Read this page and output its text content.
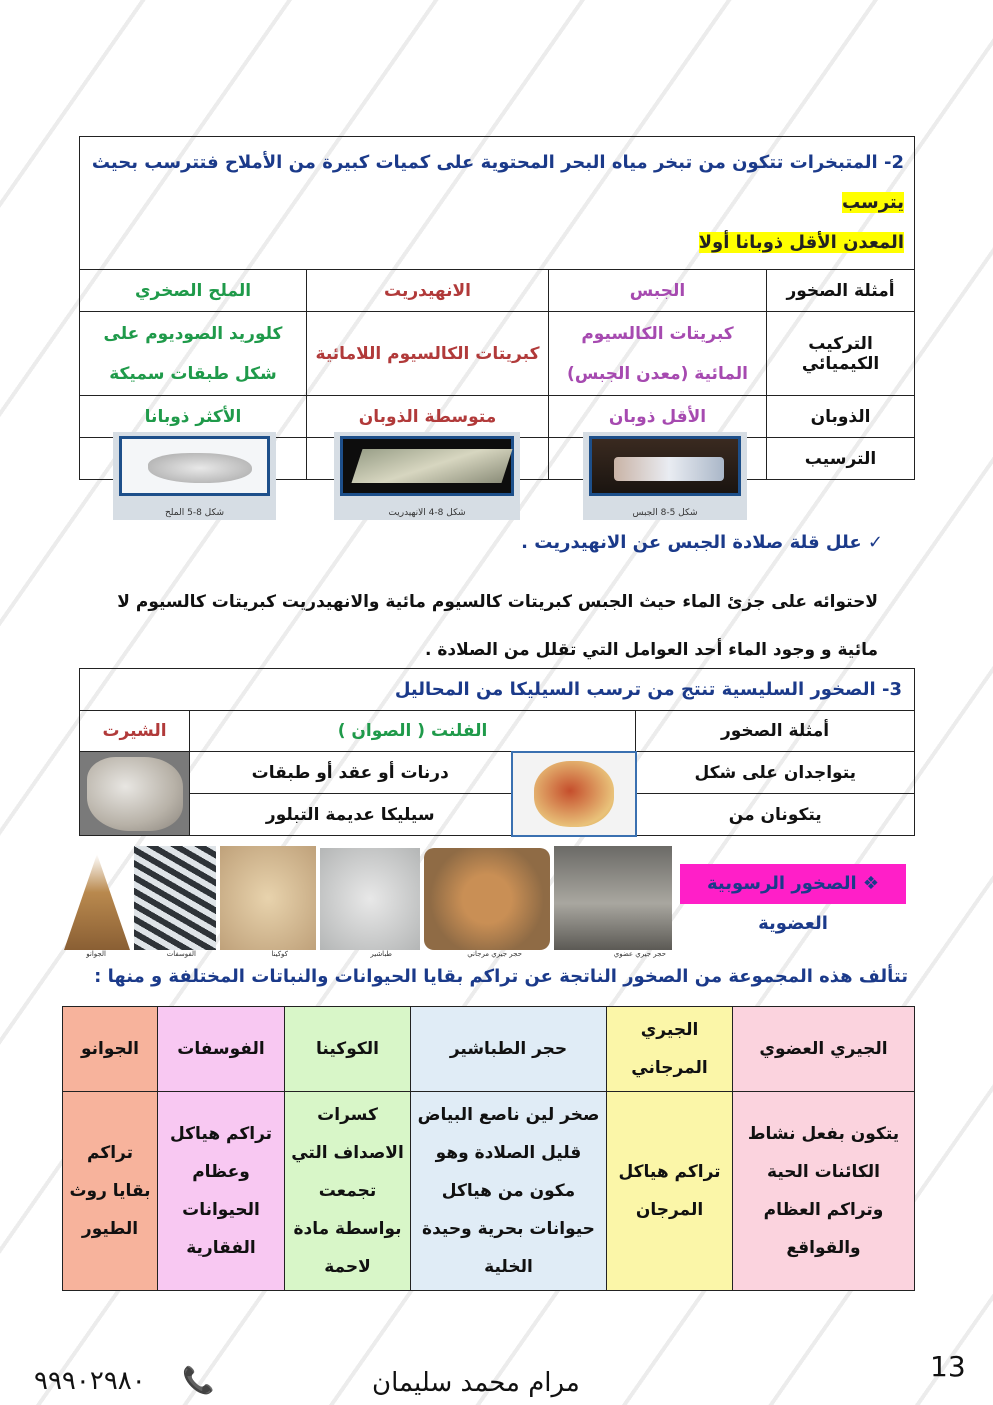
2- المتبخرات تتكون من تبخر مياه البحر المحتوية على كميات كبيرة من الأملاح فتترسب بحيث يترسب
المعدن الأقل ذوبانا أولا			
أمثلة الصخور	الجبس	الانهيدريت	الملح الصخري
التركيب الكيميائي	كبريتات الكالسيوم المائية (معدن الجبس)	كبريتات الكالسيوم اللامائية	كلوريد الصوديوم على شكل طبقات سميكة
الذوبان	الأقل ذوبان	متوسطة الذوبان	الأكثر ذوبانا
الترسيب			
شكل 5-8 الجبس
شكل 8-4 الانهيدريت
شكل 8-5 الملح
✓ علل قلة صلادة الجبس عن الانهيدريت .
لاحتوائه على جزئ الماء حيث الجبس كبريتات كالسيوم مائية والانهيدريت كبريتات كالسيوم لا مائية و وجود الماء أحد العوامل التي تقلل من الصلادة .
3- الصخور السليسية تنتج من ترسب السيليكا من المحاليل			
أمثلة الصخور	الفلنت ( الصوان )		الشيرت
يتواجدان على شكل		درنات أو عقد أو طبقات	

يتكونان من		سيليكا عديمة التبلور	
حجر جيري عضوي
حجر جيري مرجاني
طباشير
كوكينا
الفوسفات
الجوانو
❖ الصخور الرسوبية العضوية
تتألف هذه المجموعة من الصخور الناتجة عن تراكم بقايا الحيوانات والنباتات المختلفة و منها :
الجيري العضوي	الجيري المرجاني	حجر الطباشير	الكوكينا	الفوسفات	الجوانو
يتكون بفعل نشاط الكائنات الحية وتراكم العظام والقواقع	تراكم هياكل المرجان	صخر لين ناصع البياض قليل الصلادة وهو مكون من هياكل حيوانات بحرية وحيدة الخلية	كسرات الاصداف التي تجمعت بواسطة مادة لاحمة	تراكم هياكل وعظام الحيوانات الفقارية	تراكم بقايا روث الطيور
13
مرام محمد سليمان
📞
٩٩٩٠٢٩٨٠
